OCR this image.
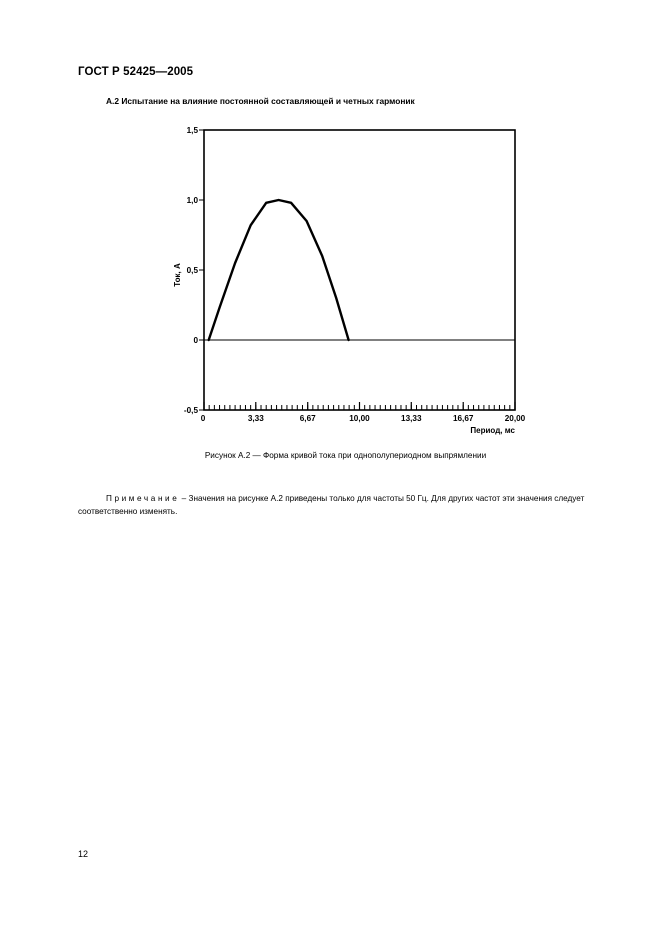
ГОСТ Р 52425—2005
А.2 Испытание на влияние постоянной составляющей и четных гармоник
1,5
1,0
0,5
0
-0,5
0	3,33	6,67	10,00	13,33	16,67	20,00
Период, мс
Ток, А
Рисунок А.2 — Форма кривой тока при однополупериодном выпрямлении
Примечание – Значения на рисунке А.2 приведены только для частоты 50 Гц. Для других частот эти значения следует соответственно изменять.
12
